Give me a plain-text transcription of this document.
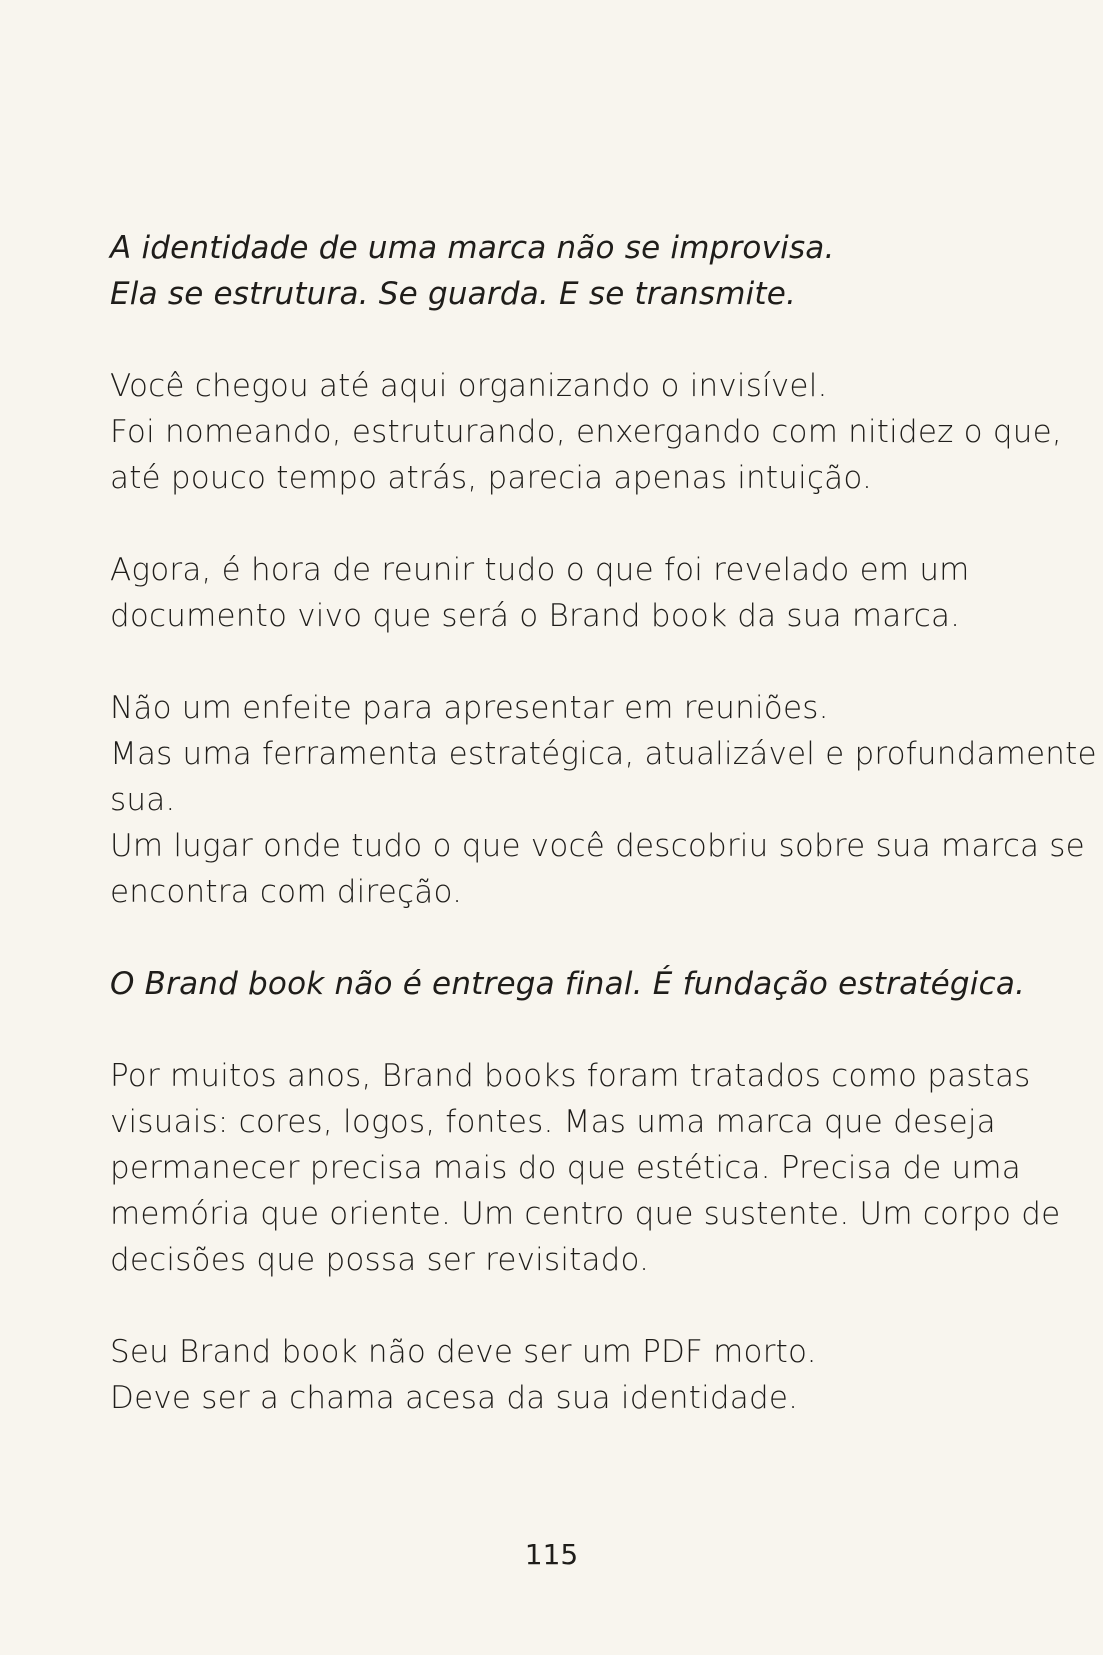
A identidade de uma marca não se improvisa.
Ela se estrutura. Se guarda. E se transmite.

Você chegou até aqui organizando o invisível.
Foi nomeando, estruturando, enxergando com nitidez o que,
até pouco tempo atrás, parecia apenas intuição.

Agora, é hora de reunir tudo o que foi revelado em um
documento vivo que será o Brand book da sua marca.

Não um enfeite para apresentar em reuniões.
Mas uma ferramenta estratégica, atualizável e profundamente
sua.
Um lugar onde tudo o que você descobriu sobre sua marca se
encontra com direção.

O Brand book não é entrega final. É fundação estratégica.

Por muitos anos, Brand books foram tratados como pastas
visuais: cores, logos, fontes. Mas uma marca que deseja
permanecer precisa mais do que estética. Precisa de uma
memória que oriente. Um centro que sustente. Um corpo de
decisões que possa ser revisitado.

Seu Brand book não deve ser um PDF morto.
Deve ser a chama acesa da sua identidade.

115
